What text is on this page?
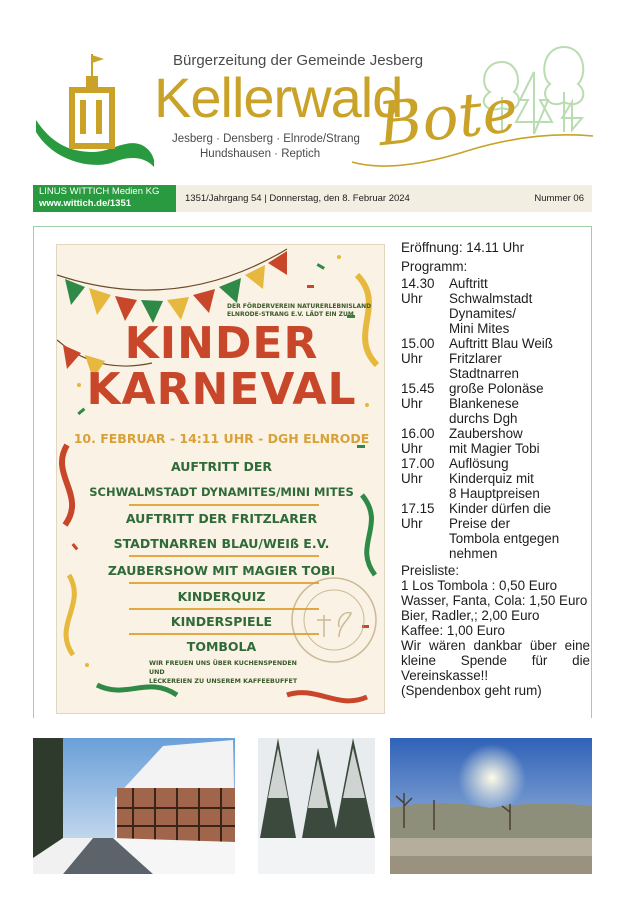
Bürgerzeitung der Gemeinde Jesberg
Kellerwald
Bote
Jesberg · Densberg · Elnrode/Strang
Hundshausen · Reptich
LINUS WITTICH Medien KG
www.wittich.de/1351	1351/Jahrgang 54 | Donnerstag, den 8. Februar 2024	Nummer 06
DER FÖRDERVEREIN NATURERLEBNISLAND
ELNRODE-STRANG E.V. LÄDT EIN ZUM
KINDER
KARNEVAL
10. FEBRUAR - 14:11 UHR - DGH ELNRODE
AUFTRITT DER
SCHWALMSTADT DYNAMITES/MINI MITES
AUFTRITT DER FRITZLARER
STADTNARREN BLAU/WEIß E.V.
ZAUBERSHOW MIT MAGIER TOBI
KINDERQUIZ
KINDERSPIELE
TOMBOLA
WIR FREUEN UNS ÜBER KUCHENSPENDEN UND
LECKEREIEN ZU UNSEREM KAFFEEBUFFET
Eröffnung: 14.11 Uhr
Programm:
14.30	Auftritt
Uhr	Schwalmstadt
Dynamites/
Mini Mites
15.00	Auftritt Blau Weiß
Uhr	Fritzlarer
Stadtnarren
15.45	große Polonäse
Uhr	Blankenese
durchs Dgh
16.00	Zaubershow
Uhr	mit Magier Tobi
17.00	Auflösung
Uhr	Kinderquiz mit
8 Hauptpreisen
17.15	Kinder dürfen die
Uhr	Preise der
Tombola entgegen
nehmen
Preisliste:
1 Los Tombola : 0,50 Euro
Wasser, Fanta, Cola: 1,50 Euro
Bier, Radler,; 2,00 Euro
Kaffee: 1,00 Euro
Wir wären dankbar über eine kleine Spende für die Vereinskasse!!
(Spendenbox geht rum)
